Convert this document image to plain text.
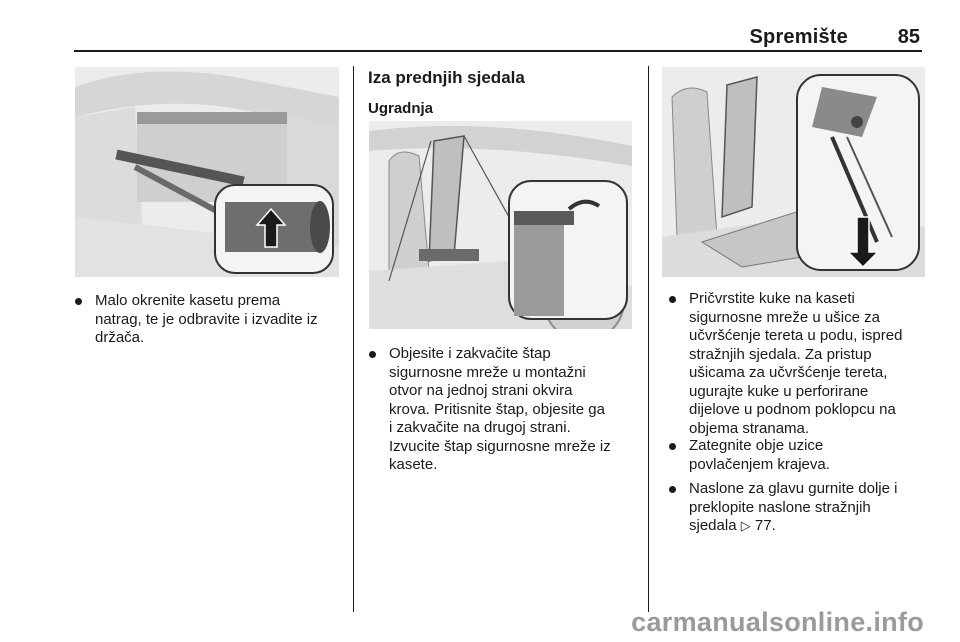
Spremište 85
Malo okrenite kasetu prema
natrag, te je odbravite i izvadite iz
držača.
Iza prednjih sjedala
Ugradnja
Objesite i zakvačite štap
sigurnosne mreže u montažni
otvor na jednoj strani okvira
krova. Pritisnite štap, objesite ga
i zakvačite na drugoj strani.
Izvucite štap sigurnosne mreže iz
kasete.
Pričvrstite kuke na kaseti
sigurnosne mreže u ušice za
učvršćenje tereta u podu, ispred
stražnjih sjedala. Za pristup
ušicama za učvršćenje tereta,
ugurajte kuke u perforirane
dijelove u podnom poklopcu na
objema stranama.
Zategnite obje uzice
povlačenjem krajeva.
Naslone za glavu gurnite dolje i
preklopite naslone stražnjih
sjedala ▷ 77.
carmanualsonline.info
